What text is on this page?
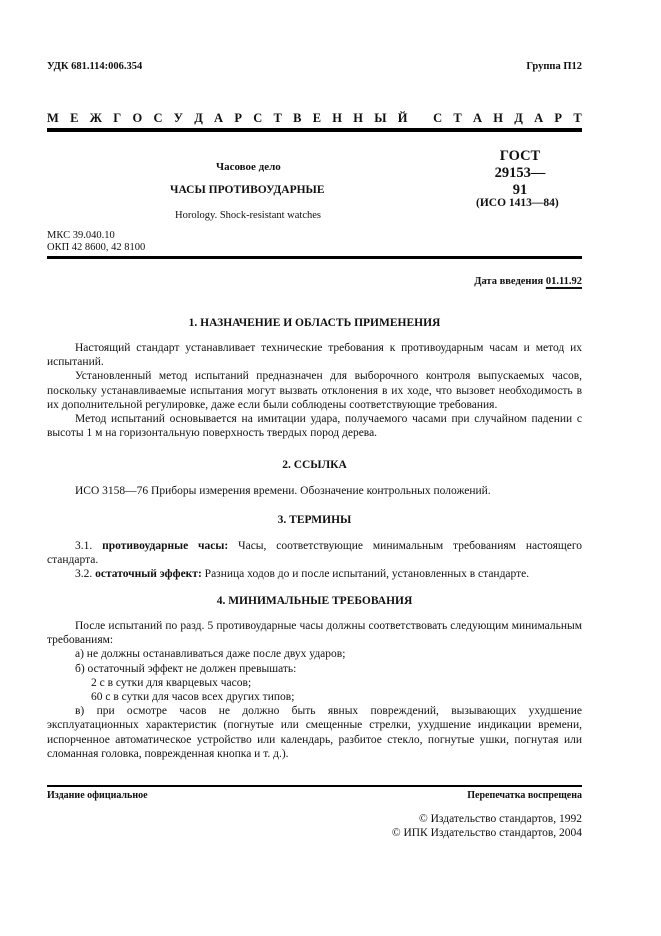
УДК 681.114:006.354	Группа П12
М Е Ж Г О С У Д А Р С Т В Е Н Н Ы Й
С Т А Н Д А Р Т
Часовое дело
ЧАСЫ ПРОТИВОУДАРНЫЕ
Horology. Shock-resistant watches
ГОСТ
29153—91
(ИСО 1413—84)
МКС 39.040.10
ОКП 42 8600, 42 8100
Дата введения 01.11.92
1. НАЗНАЧЕНИЕ И ОБЛАСТЬ ПРИМЕНЕНИЯ
Настоящий стандарт устанавливает технические требования к противоударным часам и метод их испытаний.
Установленный метод испытаний предназначен для выборочного контроля выпускаемых часов, поскольку устанавливаемые испытания могут вызвать отклонения в их ходе, что вызовет необходимость в их дополнительной регулировке, даже если были соблюдены соответствующие требования.
Метод испытаний основывается на имитации удара, получаемого часами при случайном падении с высоты 1 м на горизонтальную поверхность твердых пород дерева.
2. ССЫЛКА
ИСО 3158—76 Приборы измерения времени. Обозначение контрольных положений.
3. ТЕРМИНЫ
3.1. противоударные часы: Часы, соответствующие минимальным требованиям настоящего стандарта.
3.2. остаточный эффект: Разница ходов до и после испытаний, установленных в стандарте.
4. МИНИМАЛЬНЫЕ ТРЕБОВАНИЯ
После испытаний по разд. 5 противоударные часы должны соответствовать следующим минимальным требованиям:
а) не должны останавливаться даже после двух ударов;
б) остаточный эффект не должен превышать:
2 с в сутки для кварцевых часов;
60 с в сутки для часов всех других типов;
в) при осмотре часов не должно быть явных повреждений, вызывающих ухудшение эксплуатационных характеристик (погнутые или смещенные стрелки, ухудшение индикации времени, испорченное автоматическое устройство или календарь, разбитое стекло, погнутые ушки, погнутая или сломанная головка, поврежденная кнопка и т. д.).
Издание официальное	Перепечатка воспрещена
© Издательство стандартов, 1992
© ИПК Издательство стандартов, 2004
